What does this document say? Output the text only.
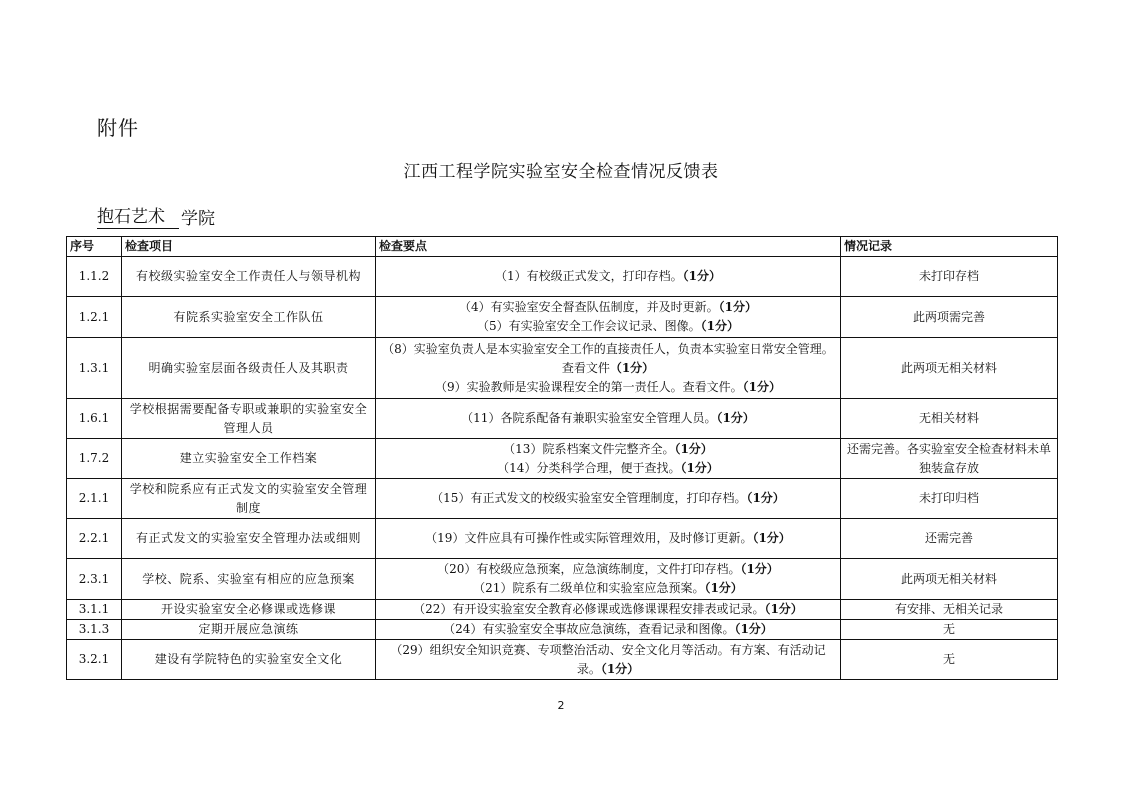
附件
江西工程学院实验室安全检查情况反馈表
抱石艺术 学院
序号	检查项目	检查要点	情况记录
1.1.2	有校级实验室安全工作责任人与领导机构	（1）有校级正式发文，打印存档。（1分）	未打印存档
1.2.1	有院系实验室安全工作队伍	（4）有实验室安全督查队伍制度，并及时更新。（1分）
（5）有实验室安全工作会议记录、图像。（1分）	此两项需完善
1.3.1	明确实验室层面各级责任人及其职责	（8）实验室负责人是本实验室安全工作的直接责任人，负责本实验室日常安全管理。查看文件（1分）
（9）实验教师是实验课程安全的第一责任人。查看文件。（1分）	此两项无相关材料
1.6.1	学校根据需要配备专职或兼职的实验室安全管理人员	（11）各院系配备有兼职实验室安全管理人员。（1分）	无相关材料
1.7.2	建立实验室安全工作档案	（13）院系档案文件完整齐全。（1分）
（14）分类科学合理，便于查找。（1分）	还需完善。各实验室安全检查材料未单独装盒存放
2.1.1	学校和院系应有正式发文的实验室安全管理制度	（15）有正式发文的校级实验室安全管理制度，打印存档。（1分）	未打印归档
2.2.1	有正式发文的实验室安全管理办法或细则	（19）文件应具有可操作性或实际管理效用，及时修订更新。（1分）	还需完善
2.3.1	学校、院系、实验室有相应的应急预案	（20）有校级应急预案，应急演练制度，文件打印存档。（1分）
（21）院系有二级单位和实验室应急预案。（1分）	此两项无相关材料
3.1.1	开设实验室安全必修课或选修课	（22）有开设实验室安全教育必修课或选修课课程安排表或记录。（1分）	有安排、无相关记录
3.1.3	定期开展应急演练	（24）有实验室安全事故应急演练，查看记录和图像。（1分）	无
3.2.1	建设有学院特色的实验室安全文化	（29）组织安全知识竞赛、专项整治活动、安全文化月等活动。有方案、有活动记录。（1分）	无
2
